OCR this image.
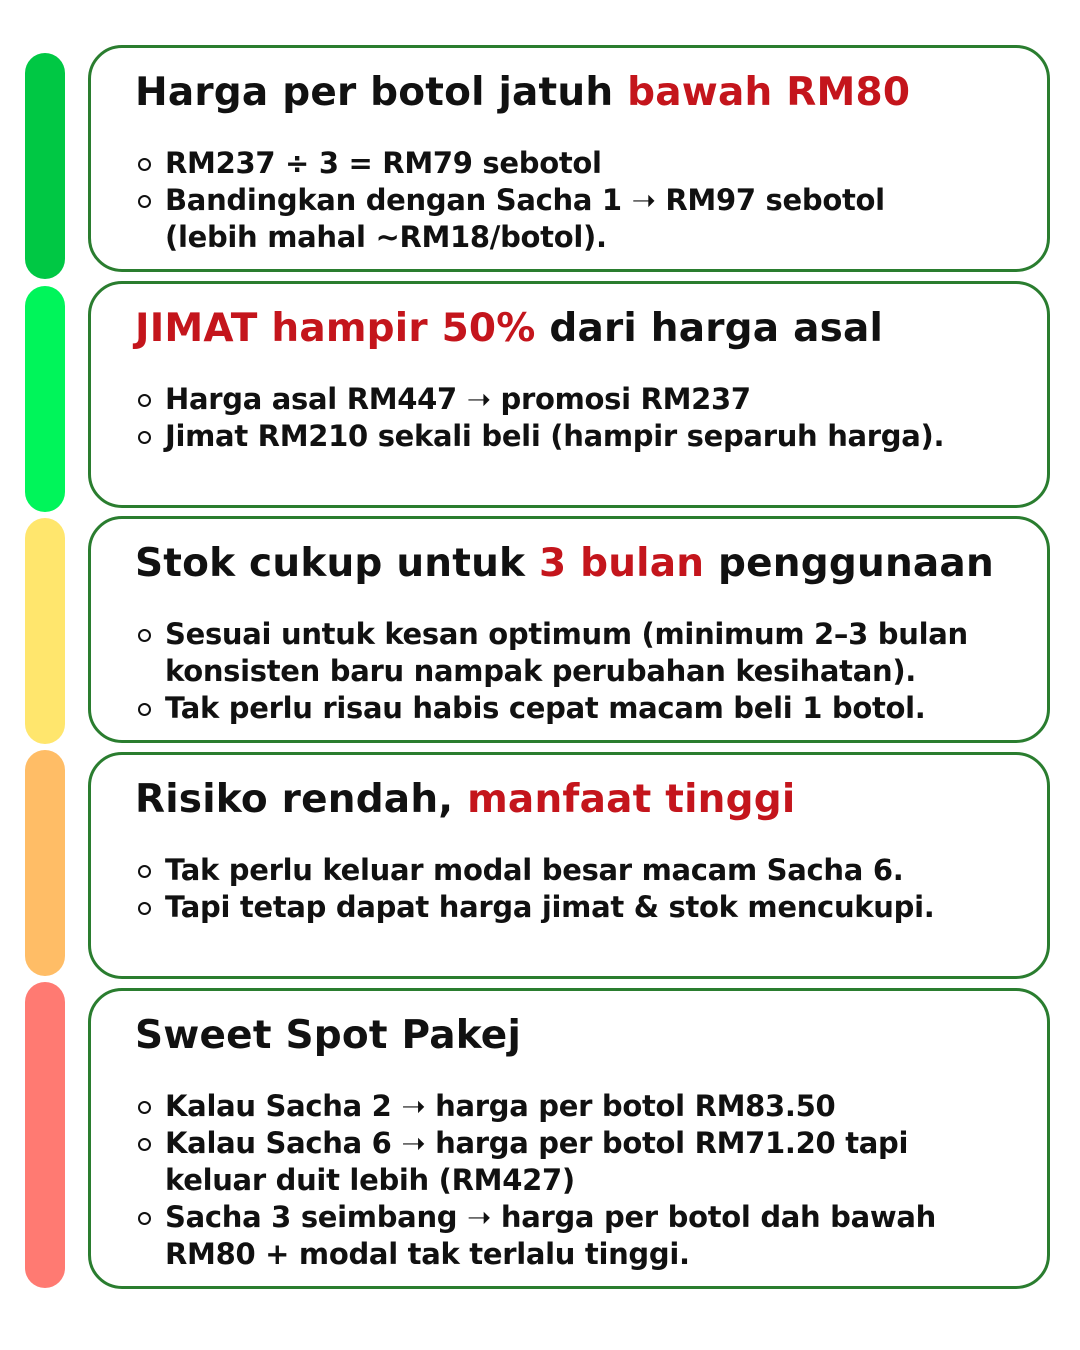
Harga per botol jatuh bawah RM80
RM237 ÷ 3 = RM79 sebotol
Bandingkan dengan Sacha 1 ➝ RM97 sebotol (lebih mahal ~RM18/botol).
JIMAT hampir 50% dari harga asal
Harga asal RM447 ➝ promosi RM237
Jimat RM210 sekali beli (hampir separuh harga).
Stok cukup untuk 3 bulan penggunaan
Sesuai untuk kesan optimum (minimum 2–3 bulan konsisten baru nampak perubahan kesihatan).
Tak perlu risau habis cepat macam beli 1 botol.
Risiko rendah, manfaat tinggi
Tak perlu keluar modal besar macam Sacha 6.
Tapi tetap dapat harga jimat & stok mencukupi.
Sweet Spot Pakej
Kalau Sacha 2 ➝ harga per botol RM83.50
Kalau Sacha 6 ➝ harga per botol RM71.20 tapi keluar duit lebih (RM427)
Sacha 3 seimbang ➝ harga per botol dah bawah RM80 + modal tak terlalu tinggi.
